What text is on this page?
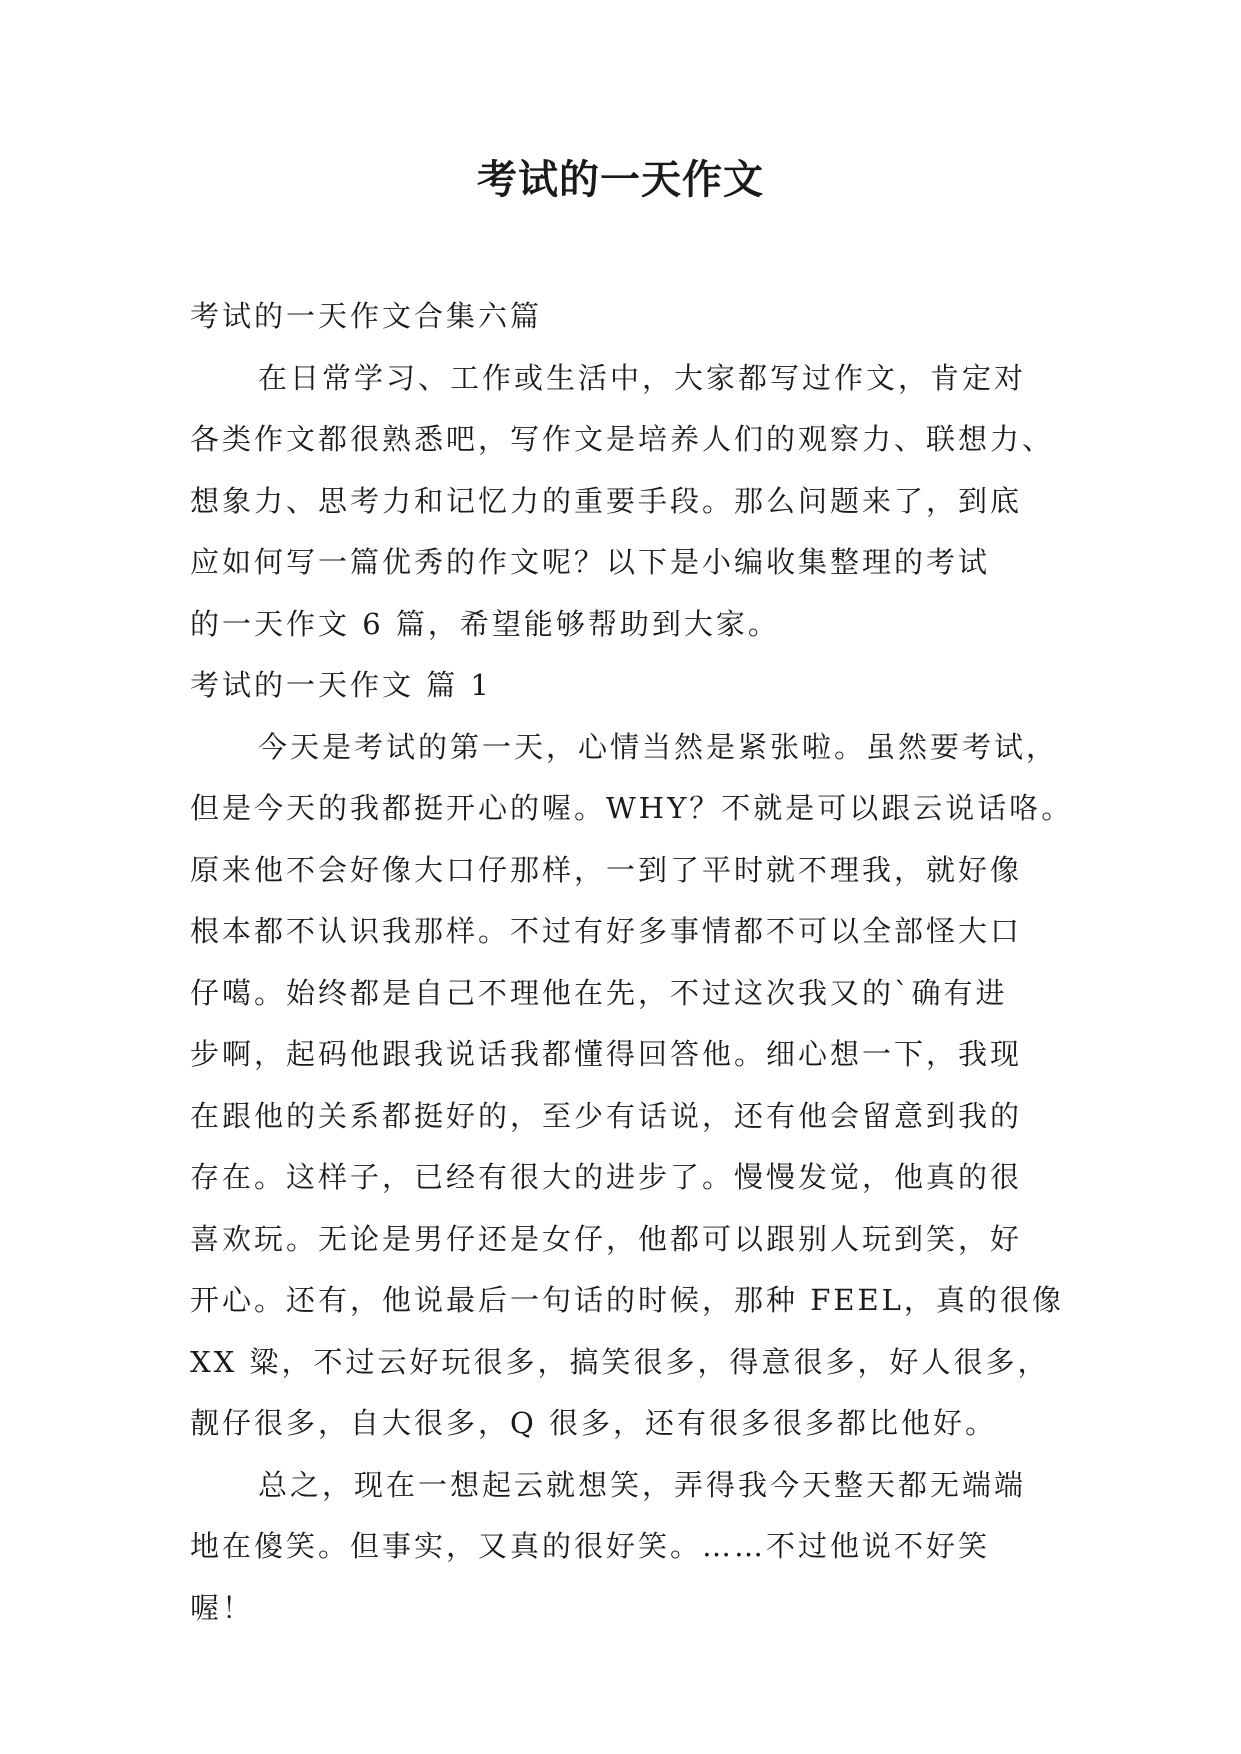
考试的一天作文

考试的一天作文合集六篇

在日常学习、工作或生活中，大家都写过作文，肯定对

各类作文都很熟悉吧，写作文是培养人们的观察力、联想力、

想象力、思考力和记忆力的重要手段。那么问题来了，到底

应如何写一篇优秀的作文呢？以下是小编收集整理的考试

的一天作文 6 篇，希望能够帮助到大家。

考试的一天作文 篇 1

今天是考试的第一天，心情当然是紧张啦。虽然要考试，

但是今天的我都挺开心的喔。WHY？不就是可以跟云说话咯。

原来他不会好像大口仔那样，一到了平时就不理我，就好像

根本都不认识我那样。不过有好多事情都不可以全部怪大口

仔噶。始终都是自己不理他在先，不过这次我又的`确有进

步啊，起码他跟我说话我都懂得回答他。细心想一下，我现

在跟他的关系都挺好的，至少有话说，还有他会留意到我的

存在。这样子，已经有很大的进步了。慢慢发觉，他真的很

喜欢玩。无论是男仔还是女仔，他都可以跟别人玩到笑，好

开心。还有，他说最后一句话的时候，那种 FEEL，真的很像

XX 粱，不过云好玩很多，搞笑很多，得意很多，好人很多，

靓仔很多，自大很多，Q 很多，还有很多很多都比他好。

总之，现在一想起云就想笑，弄得我今天整天都无端端

地在傻笑。但事实，又真的很好笑。……不过他说不好笑

喔！
